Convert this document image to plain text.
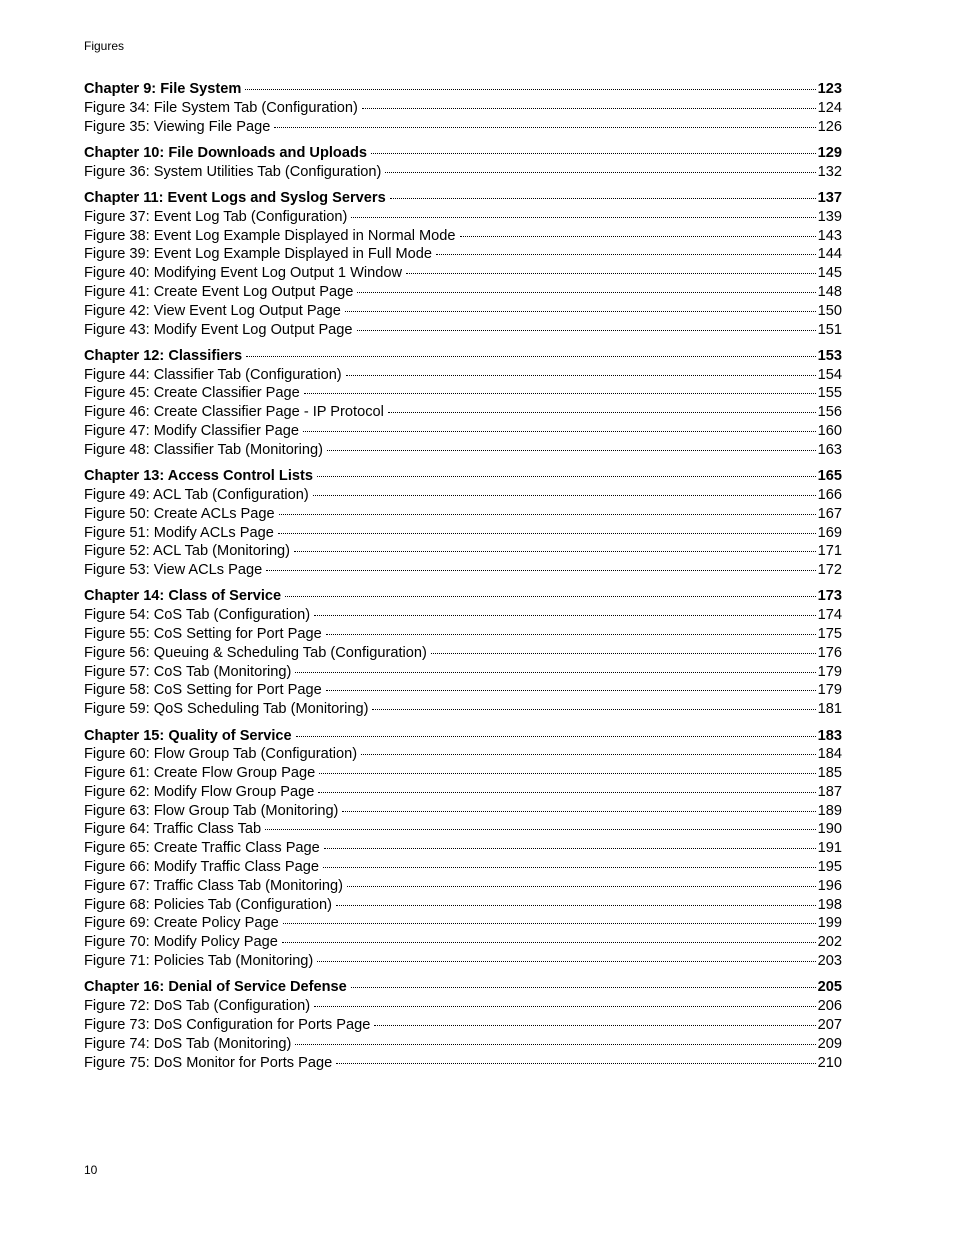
Figures
Chapter 9: File System	123
Figure 34: File System Tab (Configuration)	124
Figure 35: Viewing File Page	126
Chapter 10: File Downloads and Uploads	129
Figure 36: System Utilities Tab (Configuration)	132
Chapter 11: Event Logs and Syslog Servers	137
Figure 37: Event Log Tab (Configuration)	139
Figure 38: Event Log Example Displayed in Normal Mode	143
Figure 39: Event Log Example Displayed in Full Mode	144
Figure 40: Modifying Event Log Output 1 Window	145
Figure 41: Create Event Log Output Page	148
Figure 42: View Event Log Output Page	150
Figure 43: Modify Event Log Output Page	151
Chapter 12: Classifiers	153
Figure 44: Classifier Tab (Configuration)	154
Figure 45: Create Classifier Page	155
Figure 46: Create Classifier Page - IP Protocol	156
Figure 47: Modify Classifier Page	160
Figure 48: Classifier Tab (Monitoring)	163
Chapter 13: Access Control Lists	165
Figure 49: ACL Tab (Configuration)	166
Figure 50: Create ACLs Page	167
Figure 51: Modify ACLs Page	169
Figure 52: ACL Tab (Monitoring)	171
Figure 53: View ACLs Page	172
Chapter 14: Class of Service	173
Figure 54: CoS Tab (Configuration)	174
Figure 55: CoS Setting for Port Page	175
Figure 56: Queuing & Scheduling Tab (Configuration)	176
Figure 57: CoS Tab (Monitoring)	179
Figure 58: CoS Setting for Port Page	179
Figure 59: QoS Scheduling Tab (Monitoring)	181
Chapter 15: Quality of Service	183
Figure 60: Flow Group Tab (Configuration)	184
Figure 61: Create Flow Group Page	185
Figure 62: Modify Flow Group Page	187
Figure 63: Flow Group Tab (Monitoring)	189
Figure 64: Traffic Class Tab	190
Figure 65: Create Traffic Class Page	191
Figure 66: Modify Traffic Class Page	195
Figure 67: Traffic Class Tab (Monitoring)	196
Figure 68: Policies Tab (Configuration)	198
Figure 69: Create Policy Page	199
Figure 70: Modify Policy Page	202
Figure 71: Policies Tab (Monitoring)	203
Chapter 16: Denial of Service Defense	205
Figure 72: DoS Tab (Configuration)	206
Figure 73: DoS Configuration for Ports Page	207
Figure 74: DoS Tab (Monitoring)	209
Figure 75: DoS Monitor for Ports Page	210
10
